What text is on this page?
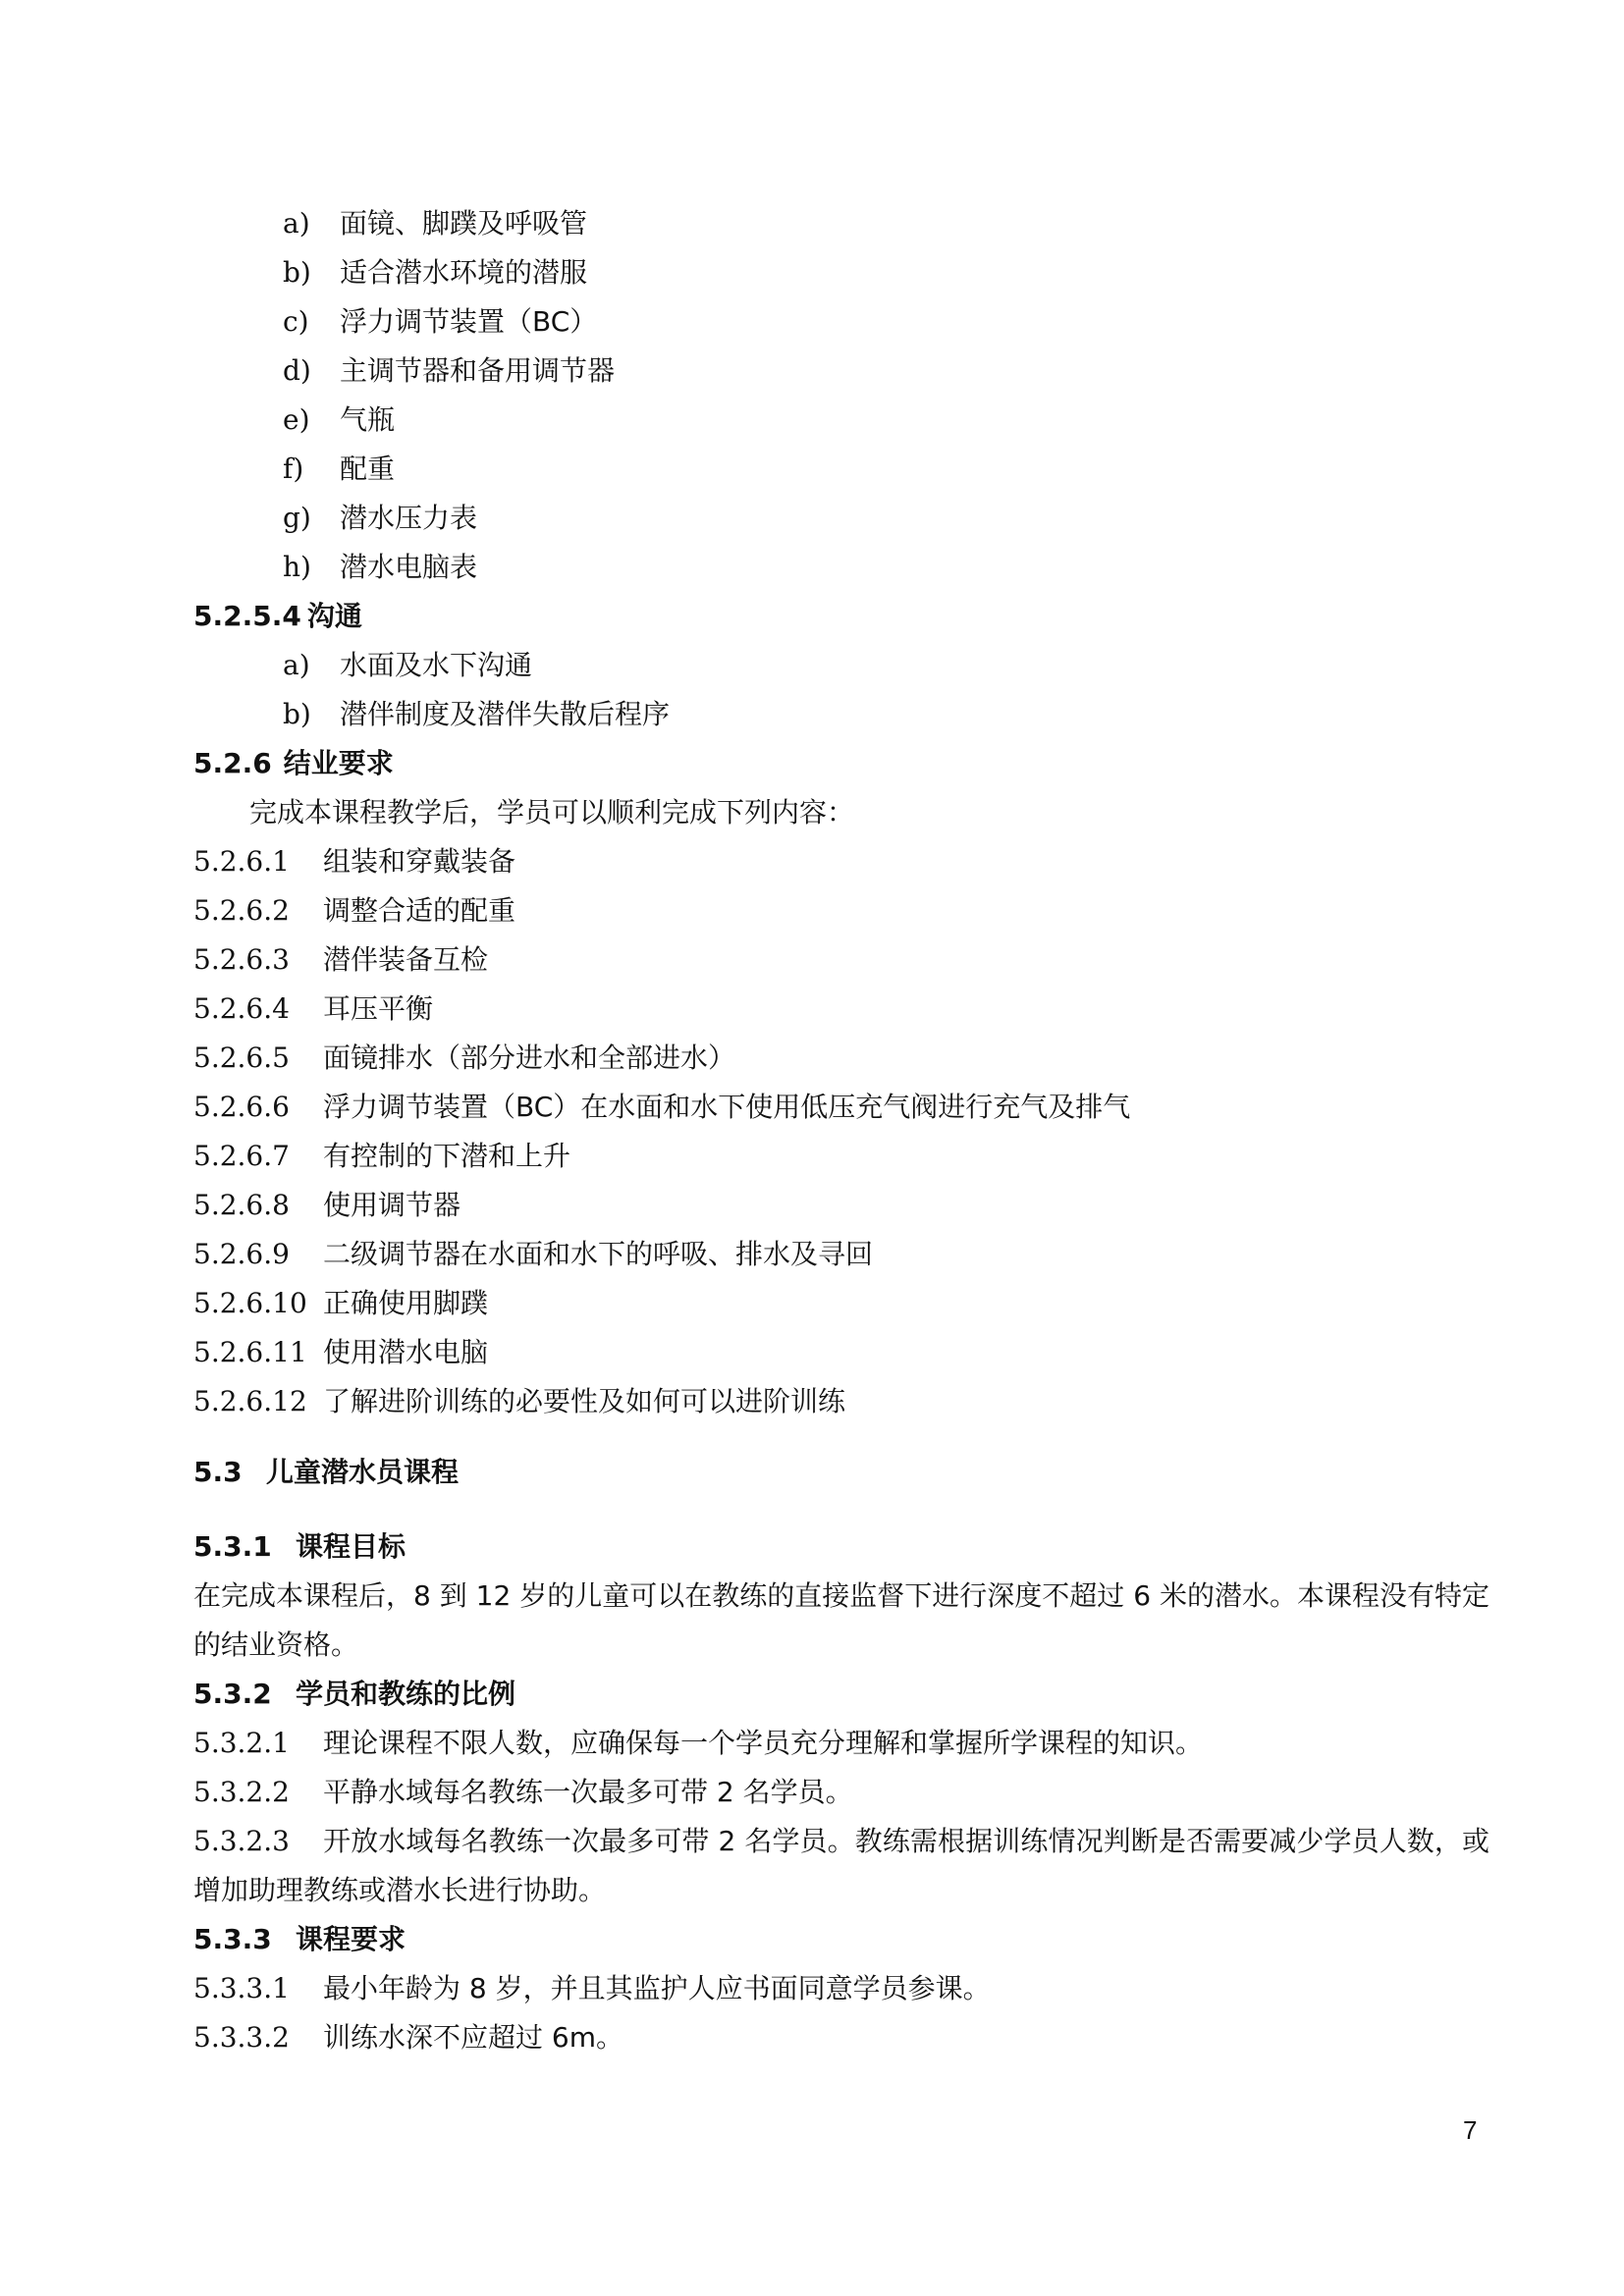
a) 面镜、脚蹼及呼吸管
b) 适合潜水环境的潜服
c) 浮力调节装置（BC）
d) 主调节器和备用调节器
e) 气瓶
f) 配重
g) 潜水压力表
h) 潜水电脑表
5.2.5.4 沟通
a) 水面及水下沟通
b) 潜伴制度及潜伴失散后程序
5.2.6 结业要求
完成本课程教学后，学员可以顺利完成下列内容：
5.2.6.1 组装和穿戴装备
5.2.6.2 调整合适的配重
5.2.6.3 潜伴装备互检
5.2.6.4 耳压平衡
5.2.6.5 面镜排水（部分进水和全部进水）
5.2.6.6 浮力调节装置（BC）在水面和水下使用低压充气阀进行充气及排气
5.2.6.7 有控制的下潜和上升
5.2.6.8 使用调节器
5.2.6.9 二级调节器在水面和水下的呼吸、排水及寻回
5.2.6.10 正确使用脚蹼
5.2.6.11 使用潜水电脑
5.2.6.12 了解进阶训练的必要性及如何可以进阶训练
5.3 儿童潜水员课程
5.3.1 课程目标
在完成本课程后，8 到 12 岁的儿童可以在教练的直接监督下进行深度不超过 6 米的潜水。本课程没有特定的结业资格。
5.3.2 学员和教练的比例
5.3.2.1 理论课程不限人数，应确保每一个学员充分理解和掌握所学课程的知识。
5.3.2.2 平静水域每名教练一次最多可带 2 名学员。
5.3.2.3 开放水域每名教练一次最多可带 2 名学员。教练需根据训练情况判断是否需要减少学员人数，或增加助理教练或潜水长进行协助。
5.3.3 课程要求
5.3.3.1 最小年龄为 8 岁，并且其监护人应书面同意学员参课。
5.3.3.2 训练水深不应超过 6m。
7
